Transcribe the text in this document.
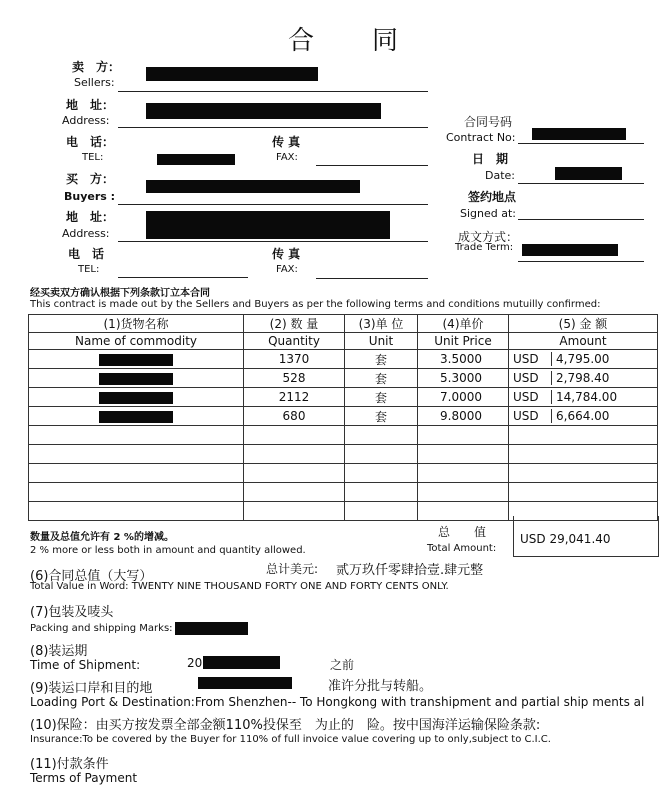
合　　同
卖　方：
Sellers:
地　址：
Address:
电　话：
TEL:
传 真
FAX:
买　方：
Buyers :
地　址：
Address:
电　话
TEL:
传 真
FAX:
合同号码
Contract No:
日　期
Date:
签约地点
Signed at:
成文方式：
Trade Term:
经买卖双方确认根据下列条款订立本合同
This contract is made out by the Sellers and Buyers as per the following terms and conditions mutuilly confirmed:
(1)货物名称	(2) 数 量	(3)单 位	(4)单价	(5) 金 额
Name of commodity	Quantity	Unit	Unit Price	Amount
	1370	套	3.5000	USD 4,795.00

	528	套	5.3000	USD 2,798.40

	2112	套	7.0000	USD 14,784.00

	680	套	9.8000	USD 6,664.00

数量及总值允许有 2 %的增减。
2 % more or less both in amount and quantity allowed.
总　　值
Total Amount:
USD 29,041.40
(6)合同总值（大写）	总计美元: 贰万玖仟零肆拾壹.肆元整
Total Value in Word: TWENTY NINE THOUSAND FORTY ONE AND FORTY CENTS ONLY.
(7)包装及唛头
Packing and shipping Marks:
(8)装运期
Time of Shipment:	20	之前
(9)装运口岸和目的地	准许分批与转船。
Loading Port & Destination:From Shenzhen-- To Hongkong with transhipment and partial ship ments al
(10)保险：由买方按发票全部金额110%投保至　为止的　险。按中国海洋运输保险条款:
Insurance:To be covered by the Buyer for 110% of full invoice value covering up to only,subject to C.I.C.
(11)付款条件
Terms of Payment
